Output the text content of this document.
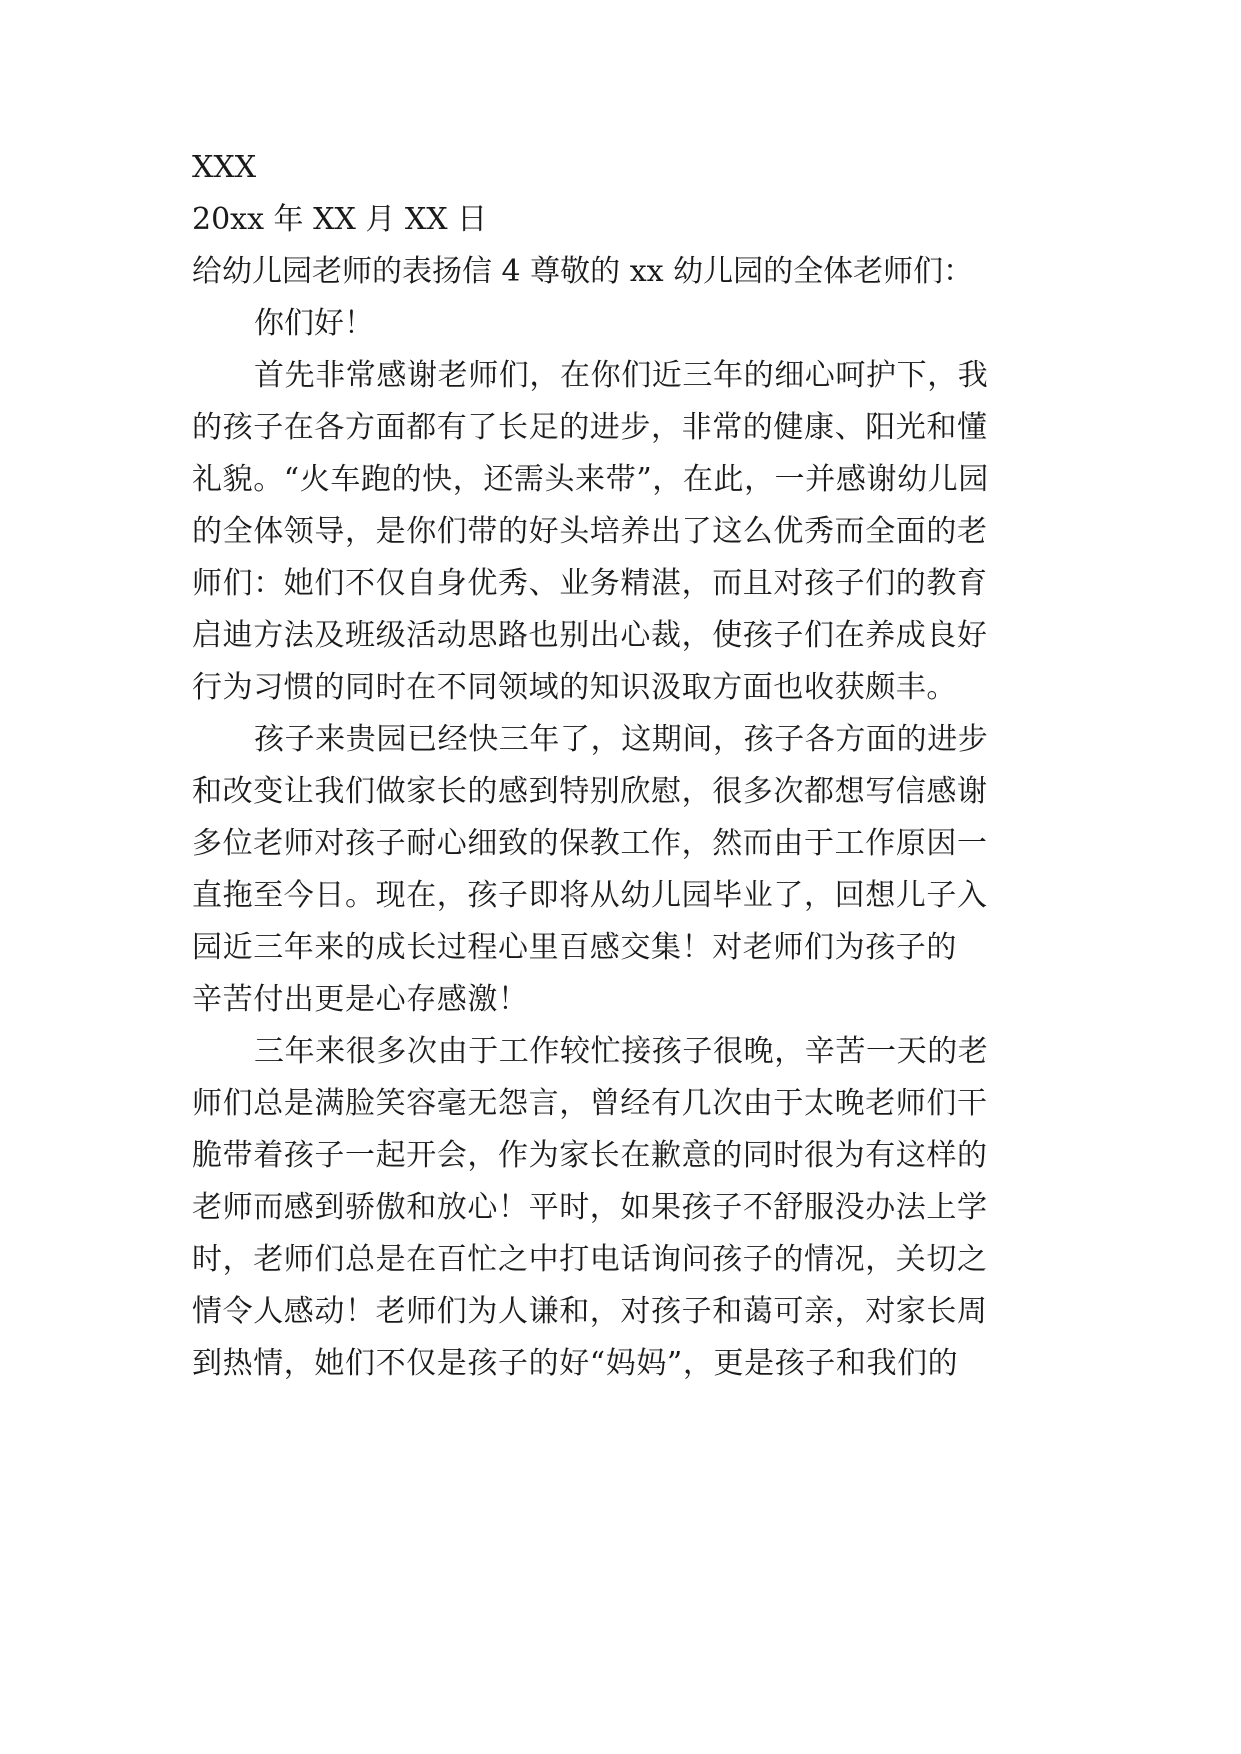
XXX
20xx 年 XX 月 XX 日
给幼儿园老师的表扬信 4 尊敬的 xx 幼儿园的全体老师们：
你们好！
首先非常感谢老师们，在你们近三年的细心呵护下，我
的孩子在各方面都有了长足的进步，非常的健康、阳光和懂
礼貌。“火车跑的快，还需头来带”，在此，一并感谢幼儿园
的全体领导，是你们带的好头培养出了这么优秀而全面的老
师们：她们不仅自身优秀、业务精湛，而且对孩子们的教育
启迪方法及班级活动思路也别出心裁，使孩子们在养成良好
行为习惯的同时在不同领域的知识汲取方面也收获颇丰。
孩子来贵园已经快三年了，这期间，孩子各方面的进步
和改变让我们做家长的感到特别欣慰，很多次都想写信感谢
多位老师对孩子耐心细致的保教工作，然而由于工作原因一
直拖至今日。现在，孩子即将从幼儿园毕业了，回想儿子入
园近三年来的成长过程心里百感交集！对老师们为孩子的
辛苦付出更是心存感激！
三年来很多次由于工作较忙接孩子很晚，辛苦一天的老
师们总是满脸笑容毫无怨言，曾经有几次由于太晚老师们干
脆带着孩子一起开会，作为家长在歉意的同时很为有这样的
老师而感到骄傲和放心！平时，如果孩子不舒服没办法上学
时，老师们总是在百忙之中打电话询问孩子的情况，关切之
情令人感动！老师们为人谦和，对孩子和蔼可亲，对家长周
到热情，她们不仅是孩子的好“妈妈”，更是孩子和我们的
